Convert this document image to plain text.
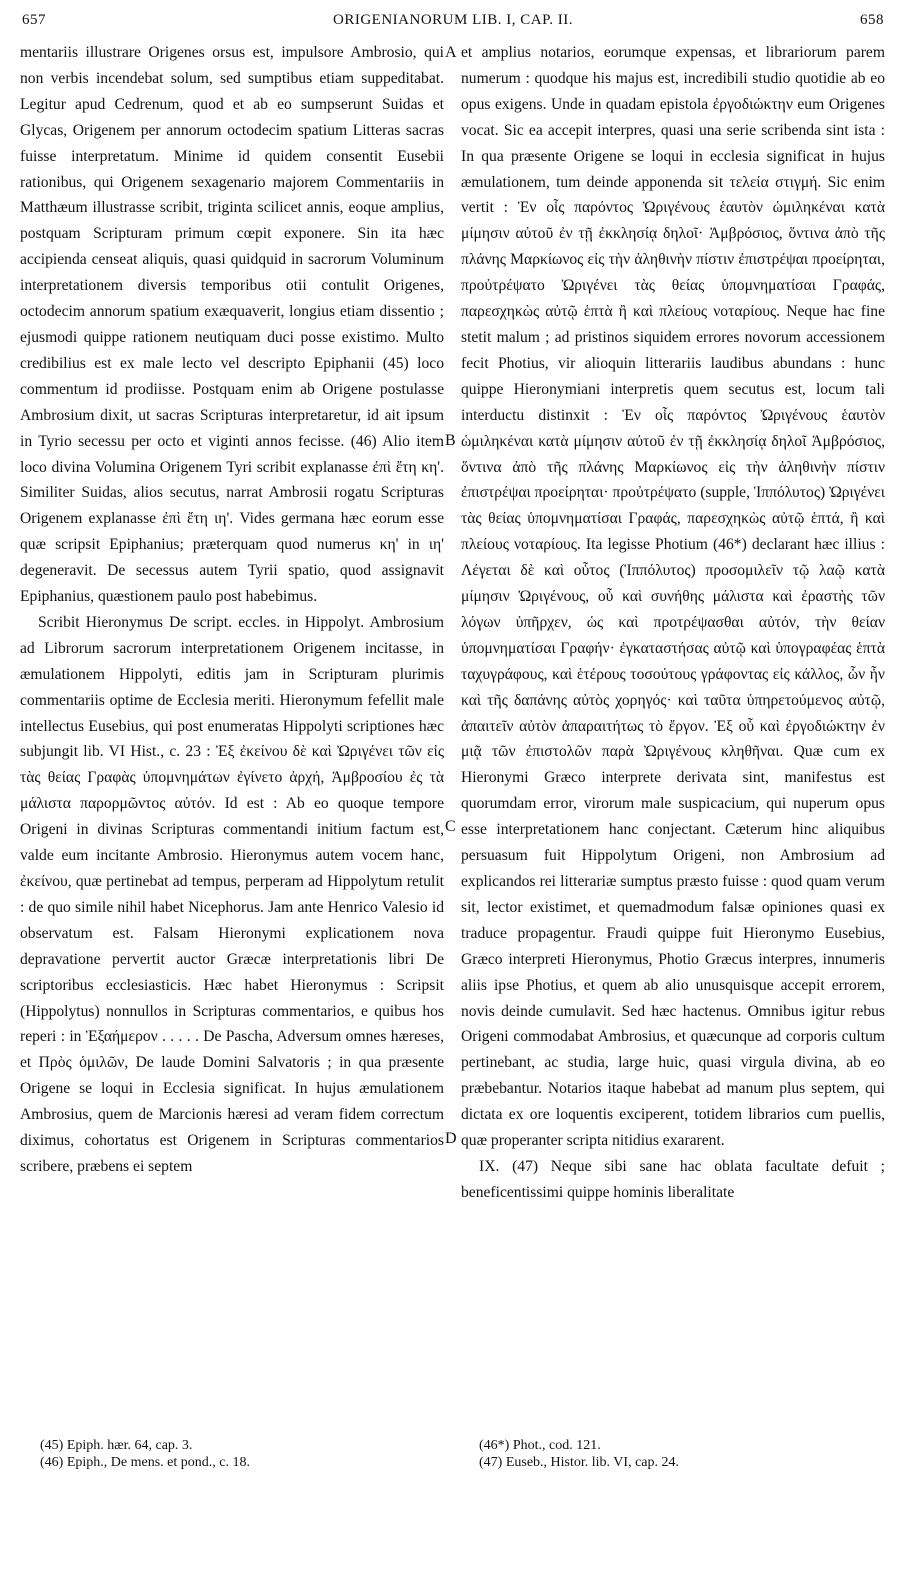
657	ORIGENIANORUM LIB. I, CAP. II.	658
A
B
C
D

mentariis illustrare Origenes orsus est, impulsore Ambrosio, qui non verbis incendebat solum, sed sumptibus etiam suppeditabat. Legitur apud Cedrenum, quod et ab eo sumpserunt Suidas et Glycas, Origenem per annorum octodecim spatium Litteras sacras fuisse interpretatum. Minime id quidem consentit Eusebii rationibus, qui Origenem sexagenario majorem Commentariis in Matthæum illustrasse scribit, triginta scilicet annis, eoque amplius, postquam Scripturam primum cœpit exponere. Sin ita hæc accipienda censeat aliquis, quasi quidquid in sacrorum Voluminum interpretationem diversis temporibus otii contulit Origenes, octodecim annorum spatium exæquaverit, longius etiam dissentio ; ejusmodi quippe rationem neutiquam duci posse existimo. Multo credibilius est ex male lecto vel descripto Epiphanii (45) loco commentum id prodiisse. Postquam enim ab Origene postulasse Ambrosium dixit, ut sacras Scripturas interpretaretur, id ait ipsum in Tyrio secessu per octo et viginti annos fecisse. (46) Alio item loco divina Volumina Origenem Tyri scribit explanasse ἐπὶ ἔτη κη'. Similiter Suidas, alios secutus, narrat Ambrosii rogatu Scripturas Origenem explanasse ἐπὶ ἔτη ιη'. Vides germana hæc eorum esse quæ scripsit Epiphanius; præterquam quod numerus κη' in ιη' degeneravit. De secessus autem Tyrii spatio, quod assignavit Epiphanius, quæstionem paulo post habebimus.

Scribit Hieronymus De script. eccles. in Hippolyt. Ambrosium ad Librorum sacrorum interpretationem Origenem incitasse, in æmulationem Hippolyti, editis jam in Scripturam plurimis commentariis optime de Ecclesia meriti. Hieronymum fefellit male intellectus Eusebius, qui post enumeratas Hippolyti scriptiones hæc subjungit lib. VI Hist., c. 23 : Ἐξ ἐκείνου δὲ καὶ Ὠριγένει τῶν εἰς τὰς θείας Γραφὰς ὑπομνημάτων ἐγίνετο ἀρχή, Ἀμβροσίου ἐς τὰ μάλιστα παρορμῶντος αὐτόν. Id est : Ab eo quoque tempore Origeni in divinas Scripturas commentandi initium factum est, valde eum incitante Ambrosio. Hieronymus autem vocem hanc, ἐκείνου, quæ pertinebat ad tempus, perperam ad Hippolytum retulit : de quo simile nihil habet Nicephorus. Jam ante Henrico Valesio id observatum est. Falsam Hieronymi explicationem nova depravatione pervertit auctor Græcæ interpretationis libri De scriptoribus ecclesiasticis. Hæc habet Hieronymus : Scripsit (Hippolytus) nonnullos in Scripturas commentarios, e quibus hos reperi : in Ἑξαήμερον . . . . . De Pascha, Adversum omnes hæreses, et Πρὸς ὁμιλῶν, De laude Domini Salvatoris ; in qua præsente Origene se loqui in Ecclesia significat. In hujus æmulationem Ambrosius, quem de Marcionis hæresi ad veram fidem correctum diximus, cohortatus est Origenem in Scripturas commentarios scribere, præbens ei septem

et amplius notarios, eorumque expensas, et librariorum parem numerum : quodque his majus est, incredibili studio quotidie ab eo opus exigens. Unde in quadam epistola ἐργοδιώκτην eum Origenes vocat. Sic ea accepit interpres, quasi una serie scribenda sint ista : In qua præsente Origene se loqui in ecclesia significat in hujus æmulationem, tum deinde apponenda sit τελεία στιγμή. Sic enim vertit : Ἐν οἷς παρόντος Ὠριγένους ἑαυτὸν ὡμιληκέναι κατὰ μίμησιν αὐτοῦ ἐν τῇ ἐκκλησίᾳ δηλοῖ· Ἀμβρόσιος, ὅντινα ἀπὸ τῆς πλάνης Μαρκίωνος εἰς τὴν ἀληθινὴν πίστιν ἐπιστρέψαι προείρηται, προὐτρέψατο Ὠριγένει τὰς θείας ὑπομνηματίσαι Γραφάς, παρεσχηκὼς αὐτῷ ἑπτὰ ἢ καὶ πλείους νοταρίους. Neque hac fine stetit malum ; ad pristinos siquidem errores novorum accessionem fecit Photius, vir alioquin litterariis laudibus abundans : hunc quippe Hieronymiani interpretis quem secutus est, locum tali interductu distinxit : Ἐν οἷς παρόντος Ὠριγένους ἑαυτὸν ὡμιληκέναι κατὰ μίμησιν αὐτοῦ ἐν τῇ ἐκκλησίᾳ δηλοῖ Ἀμβρόσιος, ὅντινα ἀπὸ τῆς πλάνης Μαρκίωνος εἰς τὴν ἀληθινὴν πίστιν ἐπιστρέψαι προείρηται· προὐτρέψατο (supple, Ἱππόλυτος) Ὠριγένει τὰς θείας ὑπομνηματίσαι Γραφάς, παρεσχηκὼς αὐτῷ ἑπτά, ἢ καὶ πλείους νοταρίους. Ita legisse Photium (46*) declarant hæc illius : Λέγεται δὲ καὶ οὗτος (Ἱππόλυτος) προσομιλεῖν τῷ λαῷ κατὰ μίμησιν Ὠριγένους, οὗ καὶ συνήθης μάλιστα καὶ ἐραστὴς τῶν λόγων ὑπῆρχεν, ὡς καὶ προτρέψασθαι αὐτόν, τὴν θείαν ὑπομνηματίσαι Γραφήν· ἐγκαταστήσας αὐτῷ καὶ ὑπογραφέας ἑπτὰ ταχυγράφους, καὶ ἑτέρους τοσούτους γράφοντας εἰς κάλλος, ὧν ἦν καὶ τῆς δαπάνης αὐτὸς χορηγός· καὶ ταῦτα ὑπηρετούμενος αὐτῷ, ἀπαιτεῖν αὐτὸν ἀπαραιτήτως τὸ ἔργον. Ἐξ οὗ καὶ ἐργοδιώκτην ἐν μιᾷ τῶν ἐπιστολῶν παρὰ Ὠριγένους κληθῆναι. Quæ cum ex Hieronymi Græco interprete derivata sint, manifestus est quorumdam error, virorum male suspicacium, qui nuperum opus esse interpretationem hanc conjectant. Cæterum hinc aliquibus persuasum fuit Hippolytum Origeni, non Ambrosium ad explicandos rei litterariæ sumptus præsto fuisse : quod quam verum sit, lector existimet, et quemadmodum falsæ opiniones quasi ex traduce propagentur. Fraudi quippe fuit Hieronymo Eusebius, Græco interpreti Hieronymus, Photio Græcus interpres, innumeris aliis ipse Photius, et quem ab alio unusquisque accepit errorem, novis deinde cumulavit. Sed hæc hactenus. Omnibus igitur rebus Origeni commodabat Ambrosius, et quæcunque ad corporis cultum pertinebant, ac studia, large huic, quasi virgula divina, ab eo præbebantur. Notarios itaque habebat ad manum plus septem, qui dictata ex ore loquentis exciperent, totidem librarios cum puellis, quæ properanter scripta nitidius exararent.

IX. (47) Neque sibi sane hac oblata facultate defuit ; beneficentissimi quippe hominis liberalitate

(45) Epiph. hær. 64, cap. 3.
(46) Epiph., De mens. et pond., c. 18.
(46*) Phot., cod. 121.
(47) Euseb., Histor. lib. VI, cap. 24.
